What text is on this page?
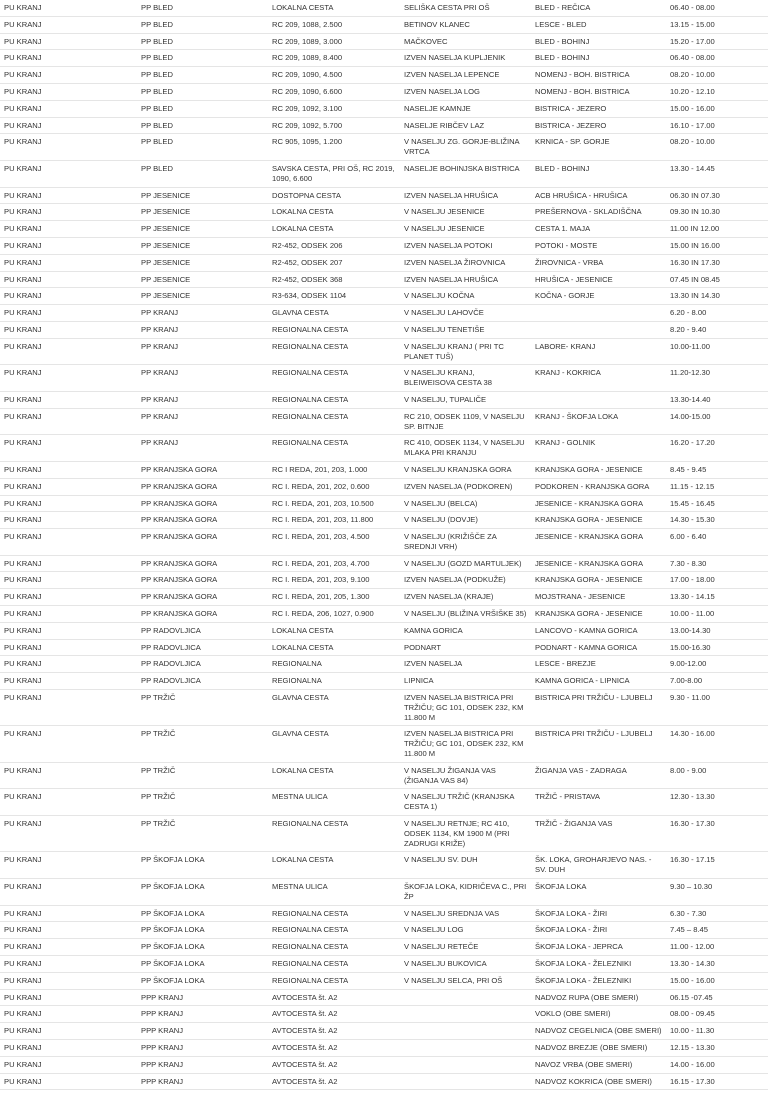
PU KRANJ	PP BLED	LOKALNA CESTA	SELIŠKA CESTA PRI OŠ	BLED - REČICA	06.40 - 08.00
PU KRANJ	PP BLED	RC 209, 1088, 2.500	BETINOV KLANEC	LESCE - BLED	13.15 - 15.00
PU KRANJ	PP BLED	RC 209, 1089, 3.000	MAČKOVEC	BLED - BOHINJ	15.20 - 17.00
PU KRANJ	PP BLED	RC 209, 1089, 8.400	IZVEN NASELJA KUPLJENIK	BLED - BOHINJ	06.40 - 08.00
PU KRANJ	PP BLED	RC 209, 1090, 4.500	IZVEN NASELJA LEPENCE	NOMENJ - BOH. BISTRICA	08.20 - 10.00
PU KRANJ	PP BLED	RC 209, 1090, 6.600	IZVEN NASELJA LOG	NOMENJ - BOH. BISTRICA	10.20 - 12.10
PU KRANJ	PP BLED	RC 209, 1092, 3.100	NASELJE KAMNJE	BISTRICA - JEZERO	15.00 - 16.00
PU KRANJ	PP BLED	RC 209, 1092, 5.700	NASELJE RIBČEV LAZ	BISTRICA - JEZERO	16.10 - 17.00
PU KRANJ	PP BLED	RC 905, 1095, 1.200	V NASELJU ZG. GORJE-BLIŽINA VRTCA	KRNICA - SP. GORJE	08.20 - 10.00
PU KRANJ	PP BLED	SAVSKA CESTA, PRI OŠ, RC 2019, 1090, 6.600	NASELJE BOHINJSKA BISTRICA	BLED - BOHINJ	13.30 - 14.45
PU KRANJ	PP JESENICE	DOSTOPNA CESTA	IZVEN NASELJA HRUŠICA	ACB HRUŠICA - HRUŠICA	06.30 IN 07.30
PU KRANJ	PP JESENICE	LOKALNA CESTA	V NASELJU JESENICE	PREŠERNOVA - SKLADIŠČNA	09.30 IN 10.30
PU KRANJ	PP JESENICE	LOKALNA CESTA	V NASELJU JESENICE	CESTA 1. MAJA	11.00 IN 12.00
PU KRANJ	PP JESENICE	R2-452, ODSEK 206	IZVEN NASELJA POTOKI	POTOKI - MOSTE	15.00 IN 16.00
PU KRANJ	PP JESENICE	R2-452, ODSEK 207	IZVEN NASELJA ŽIROVNICA	ŽIROVNICA - VRBA	16.30 IN 17.30
PU KRANJ	PP JESENICE	R2-452, ODSEK 368	IZVEN NASELJA HRUŠICA	HRUŠICA - JESENICE	07.45 IN 08.45
PU KRANJ	PP JESENICE	R3-634, ODSEK 1104	V NASELJU KOČNA	KOČNA - GORJE	13.30 IN 14.30
PU KRANJ	PP KRANJ	GLAVNA CESTA	V NASELJU LAHOVČE		6.20 - 8.00
PU KRANJ	PP KRANJ	REGIONALNA CESTA	V NASELJU TENETIŠE		8.20 - 9.40
PU KRANJ	PP KRANJ	REGIONALNA CESTA	V NASELJU KRANJ ( PRI TC PLANET TUŠ)	LABORE- KRANJ	10.00-11.00
PU KRANJ	PP KRANJ	REGIONALNA CESTA	V NASELJU KRANJ, BLEIWEISOVA CESTA 38	KRANJ - KOKRICA	11.20-12.30
PU KRANJ	PP KRANJ	REGIONALNA CESTA	V NASELJU, TUPALIČE		13.30-14.40
PU KRANJ	PP KRANJ	REGIONALNA CESTA	RC 210, ODSEK 1109, V NASELJU SP. BITNJE	KRANJ - ŠKOFJA LOKA	14.00-15.00
PU KRANJ	PP KRANJ	REGIONALNA CESTA	RC 410, ODSEK 1134, V NASELJU MLAKA PRI KRANJU	KRANJ - GOLNIK	16.20 - 17.20
PU KRANJ	PP KRANJSKA GORA	RC I REDA, 201, 203, 1.000	V NASELJU KRANJSKA GORA	KRANJSKA GORA - JESENICE	8.45 - 9.45
PU KRANJ	PP KRANJSKA GORA	RC I. REDA, 201, 202, 0.600	IZVEN NASELJA (PODKOREN)	PODKOREN - KRANJSKA GORA	11.15 - 12.15
PU KRANJ	PP KRANJSKA GORA	RC I. REDA, 201, 203, 10.500	V NASELJU (BELCA)	JESENICE - KRANJSKA GORA	15.45 - 16.45
PU KRANJ	PP KRANJSKA GORA	RC I. REDA, 201, 203, 11.800	V NASELJU (DOVJE)	KRANJSKA GORA - JESENICE	14.30 - 15.30
PU KRANJ	PP KRANJSKA GORA	RC I. REDA, 201, 203, 4.500	V NASELJU (KRIŽIŠČE ZA SREDNJI VRH)	JESENICE - KRANJSKA GORA	6.00 - 6.40
PU KRANJ	PP KRANJSKA GORA	RC I. REDA, 201, 203, 4.700	V NASELJU (GOZD MARTULJEK)	JESENICE - KRANJSKA GORA	7.30 - 8.30
PU KRANJ	PP KRANJSKA GORA	RC I. REDA, 201, 203, 9.100	IZVEN NASELJA (PODKUŽE)	KRANJSKA GORA - JESENICE	17.00 - 18.00
PU KRANJ	PP KRANJSKA GORA	RC I. REDA, 201, 205, 1.300	IZVEN NASELJA (KRAJE)	MOJSTRANA - JESENICE	13.30 - 14.15
PU KRANJ	PP KRANJSKA GORA	RC I. REDA, 206, 1027, 0.900	V NASELJU (BLIŽINA VRŠIŠKE 35)	KRANJSKA GORA - JESENICE	10.00 - 11.00
PU KRANJ	PP RADOVLJICA	LOKALNA CESTA	KAMNA GORICA	LANCOVO - KAMNA GORICA	13.00-14.30
PU KRANJ	PP RADOVLJICA	LOKALNA CESTA	PODNART	PODNART - KAMNA GORICA	15.00-16.30
PU KRANJ	PP RADOVLJICA	REGIONALNA	IZVEN NASELJA	LESCE - BREZJE	9.00-12.00
PU KRANJ	PP RADOVLJICA	REGIONALNA	LIPNICA	KAMNA GORICA - LIPNICA	7.00-8.00
PU KRANJ	PP TRŽIČ	GLAVNA CESTA	IZVEN NASELJA BISTRICA PRI TRŽIČU; GC 101, ODSEK 232, KM 11.800 M	BISTRICA PRI TRŽIČU - LJUBELJ	9.30 - 11.00
PU KRANJ	PP TRŽIČ	GLAVNA CESTA	IZVEN NASELJA BISTRICA PRI TRŽIČU; GC 101, ODSEK 232, KM 11.800 M	BISTRICA PRI TRŽIČU - LJUBELJ	14.30 - 16.00
PU KRANJ	PP TRŽIČ	LOKALNA CESTA	V NASELJU ŽIGANJA VAS (ŽIGANJA VAS 84)	ŽIGANJA VAS - ZADRAGA	8.00 - 9.00
PU KRANJ	PP TRŽIČ	MESTNA ULICA	V NASELJU TRŽIČ (KRANJSKA CESTA 1)	TRŽIČ - PRISTAVA	12.30 - 13.30
PU KRANJ	PP TRŽIČ	REGIONALNA CESTA	V NASELJU RETNJE; RC 410, ODSEK 1134, KM 1900 M (PRI ZADRUGI KRIŽE)	TRŽIČ - ŽIGANJA VAS	16.30 - 17.30
PU KRANJ	PP ŠKOFJA LOKA	LOKALNA CESTA	V NASELJU SV. DUH	ŠK. LOKA, GROHARJEVO NAS. - SV. DUH	16.30 - 17.15
PU KRANJ	PP ŠKOFJA LOKA	MESTNA ULICA	ŠKOFJA LOKA, KIDRIČEVA C., PRI ŽP	ŠKOFJA LOKA	9.30 – 10.30
PU KRANJ	PP ŠKOFJA LOKA	REGIONALNA CESTA	V NASELJU SREDNJA VAS	ŠKOFJA LOKA - ŽIRI	6.30 - 7.30
PU KRANJ	PP ŠKOFJA LOKA	REGIONALNA CESTA	V NASELJU LOG	ŠKOFJA LOKA - ŽIRI	7.45 – 8.45
PU KRANJ	PP ŠKOFJA LOKA	REGIONALNA CESTA	V NASELJU RETEČE	ŠKOFJA LOKA - JEPRCA	11.00 - 12.00
PU KRANJ	PP ŠKOFJA LOKA	REGIONALNA CESTA	V NASELJU BUKOVICA	ŠKOFJA LOKA - ŽELEZNIKI	13.30 - 14.30
PU KRANJ	PP ŠKOFJA LOKA	REGIONALNA CESTA	V NASELJU SELCA, PRI OŠ	ŠKOFJA LOKA - ŽELEZNIKI	15.00 - 16.00
PU KRANJ	PPP KRANJ	AVTOCESTA št. A2		NADVOZ RUPA (OBE SMERI)	06.15 -07.45
PU KRANJ	PPP KRANJ	AVTOCESTA št. A2		VOKLO (OBE SMERI)	08.00 - 09.45
PU KRANJ	PPP KRANJ	AVTOCESTA št. A2		NADVOZ CEGELNICA (OBE SMERI)	10.00 - 11.30
PU KRANJ	PPP KRANJ	AVTOCESTA št. A2		NADVOZ BREZJE (OBE SMERI)	12.15 - 13.30
PU KRANJ	PPP KRANJ	AVTOCESTA št. A2		NAVOZ VRBA (OBE SMERI)	14.00 - 16.00
PU KRANJ	PPP KRANJ	AVTOCESTA št. A2		NADVOZ KOKRICA (OBE SMERI)	16.15 - 17.30
